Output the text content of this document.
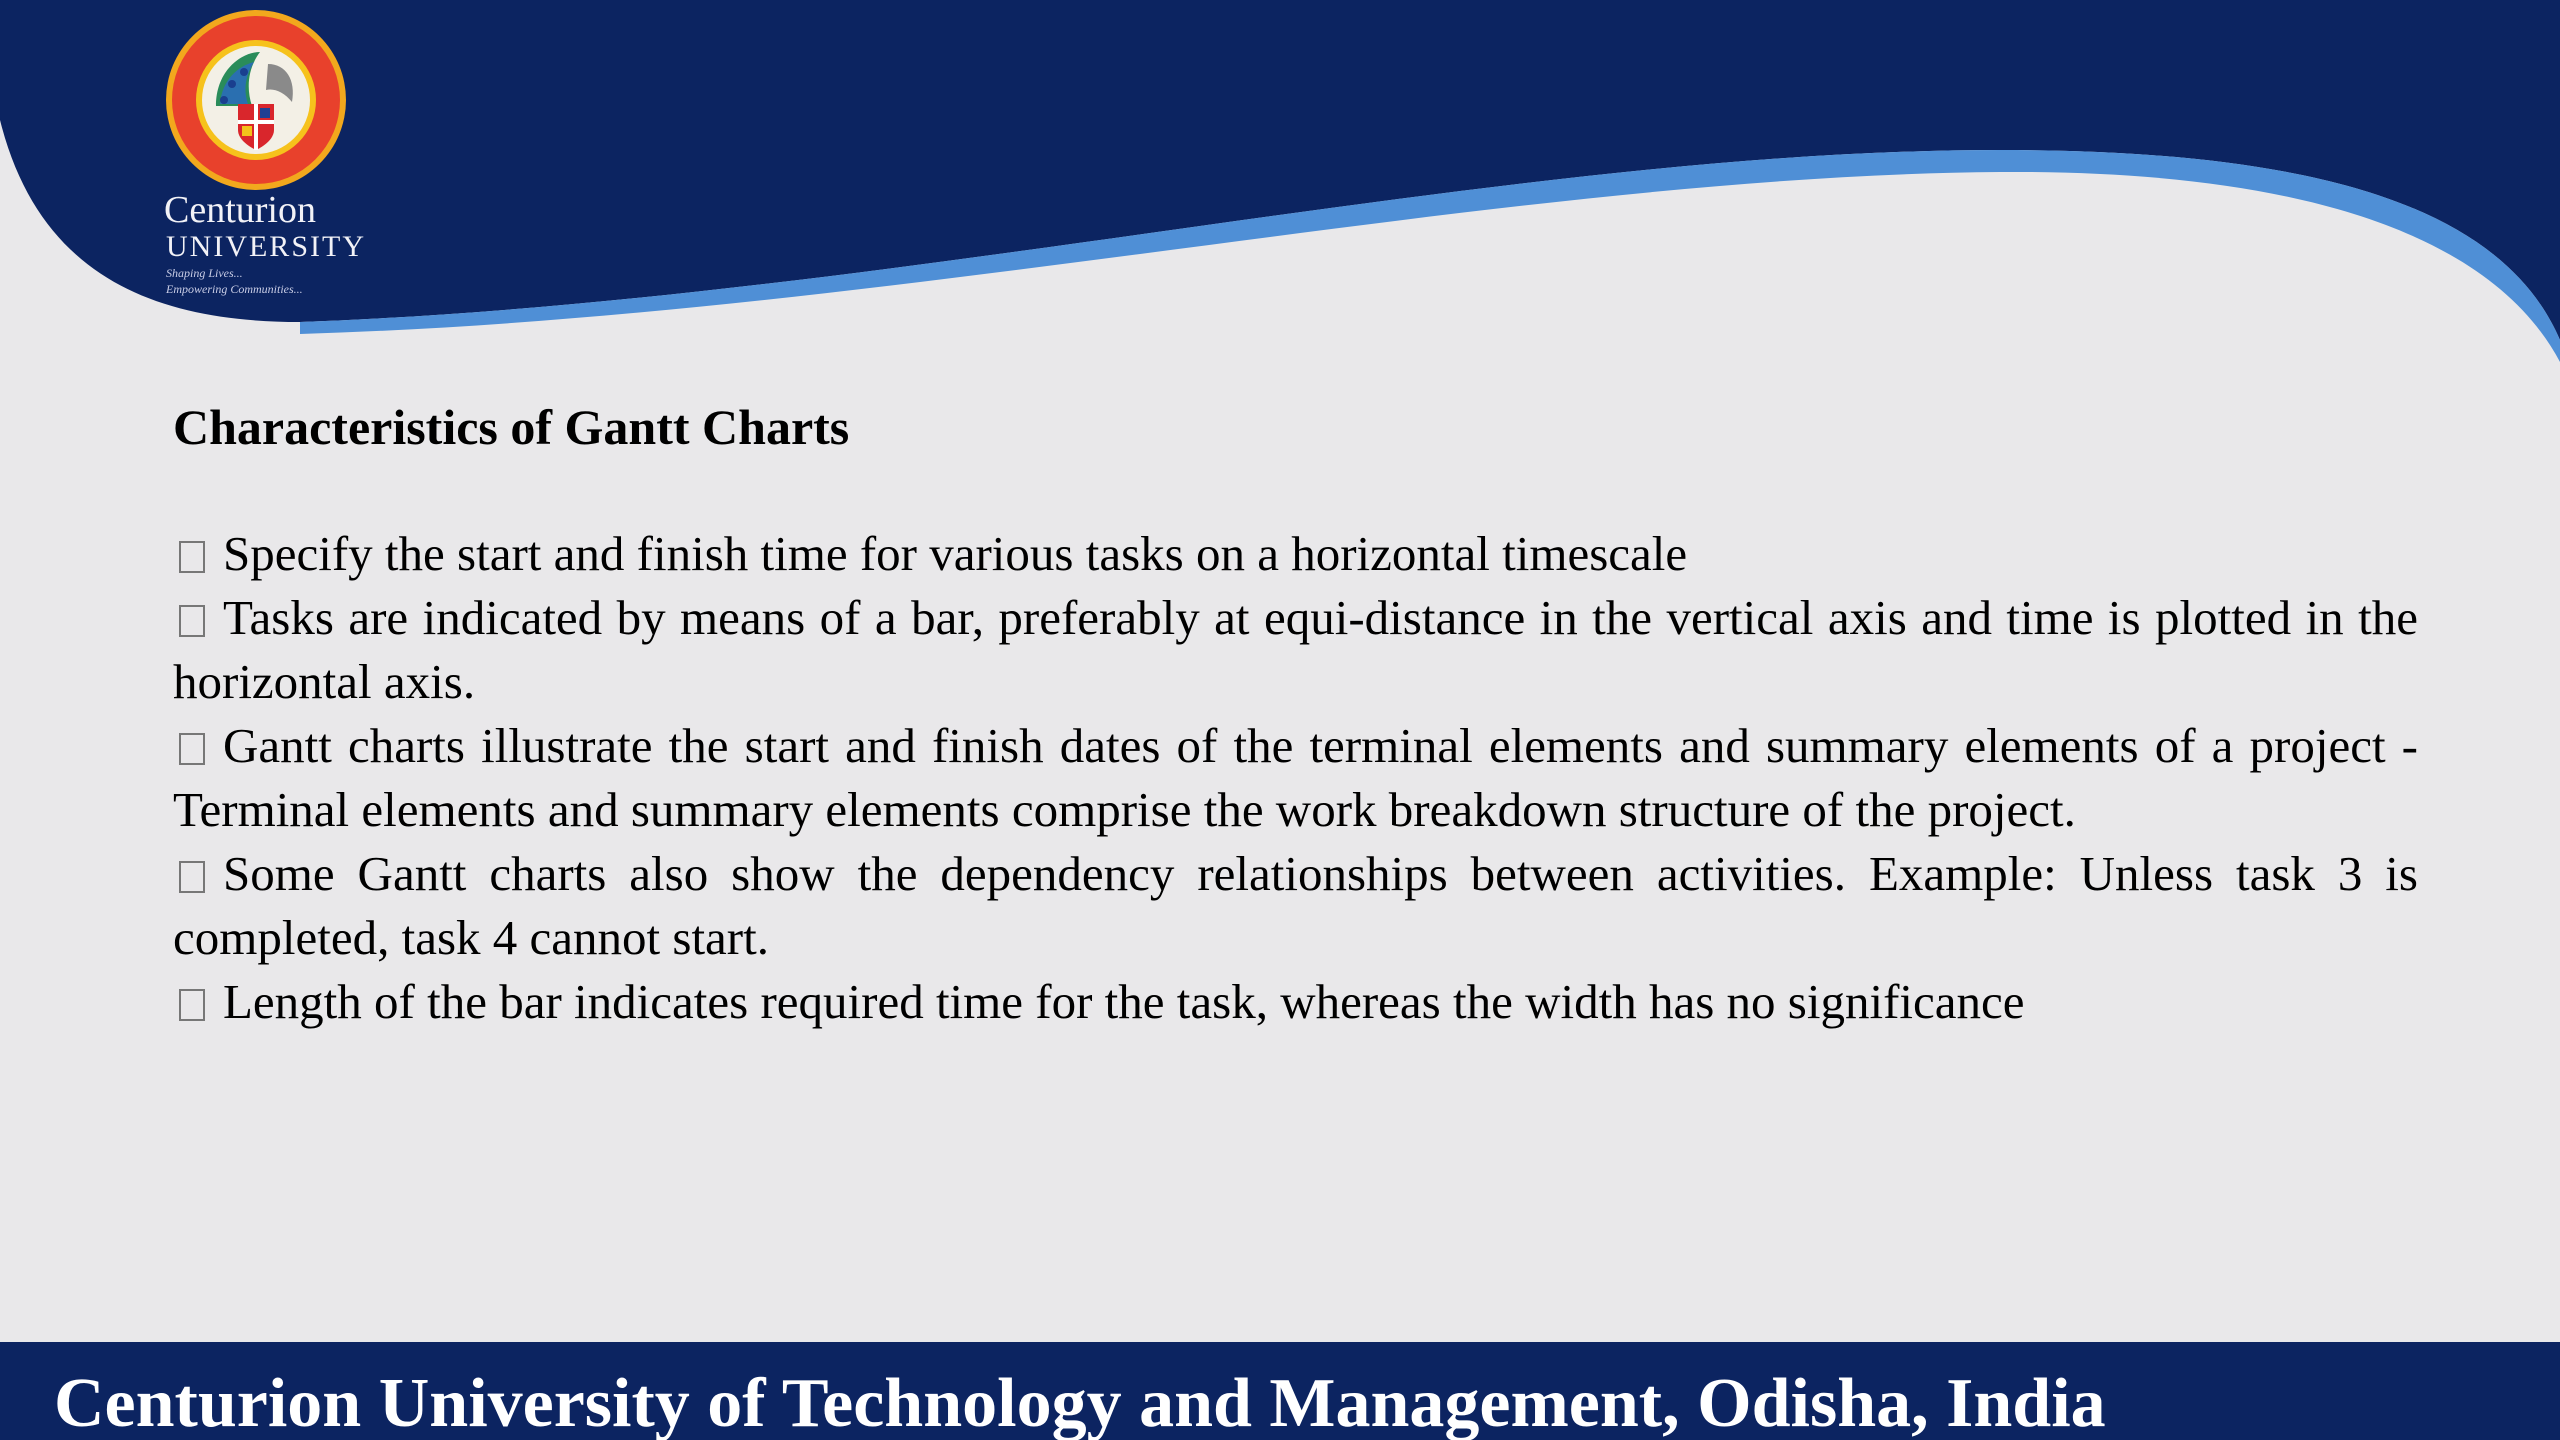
Centurion
UNIVERSITY
Shaping Lives...
Empowering Communities...
Characteristics of Gantt Charts

Specify the start and finish time for various tasks on a horizontal timescale

Tasks are indicated by means of a bar, preferably at equi-distance in the vertical axis and time is plotted in the horizontal axis.

Gantt charts illustrate the start and finish dates of the terminal elements and summary elements of a project - Terminal elements and summary elements comprise the work breakdown structure of the project.

Some Gantt charts also show the dependency relationships between activities. Example: Unless task 3 is completed, task 4 cannot start.

Length of the bar indicates required time for the task, whereas the width has no significance

Centurion University of Technology and Management, Odisha, India
